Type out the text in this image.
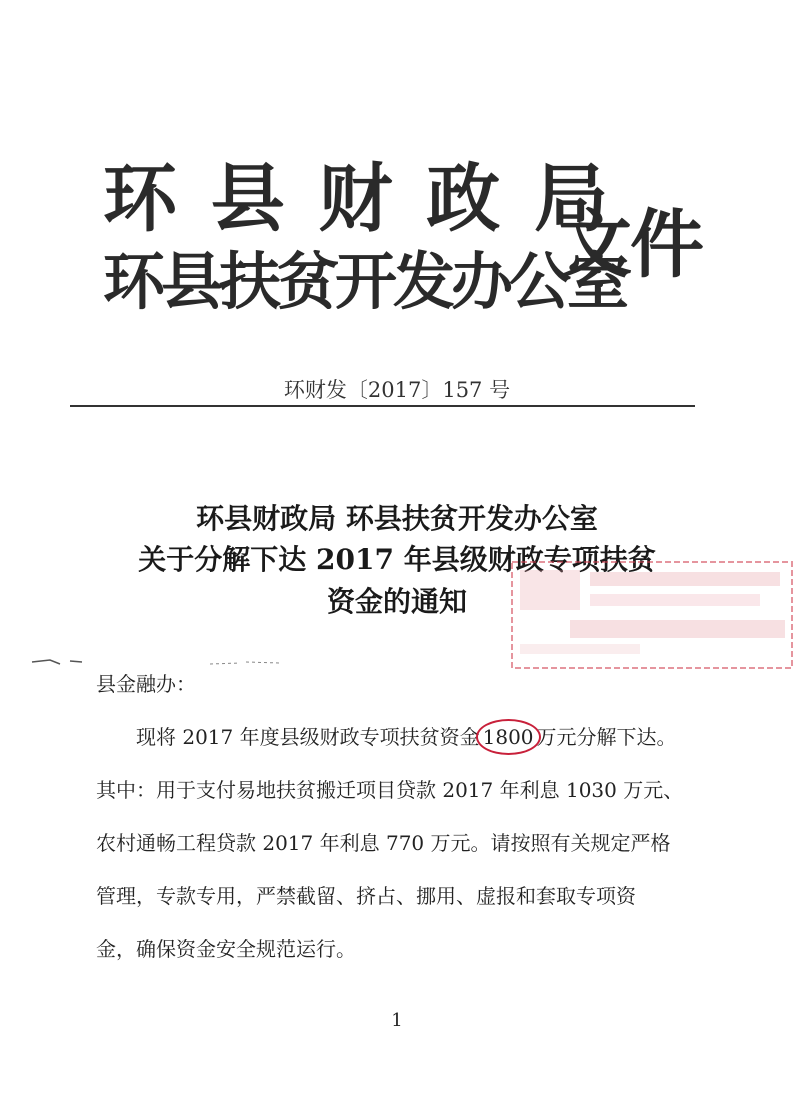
环 县 财 政 局
环县扶贫开发办公室
文件
环财发〔2017〕157 号
环县财政局 环县扶贫开发办公室
关于分解下达 2017 年县级财政专项扶贫
资金的通知
县金融办：
现将 2017 年度县级财政专项扶贫资金 1800 万元分解下达。
其中：用于支付易地扶贫搬迁项目贷款 2017 年利息 1030 万元、
农村通畅工程贷款 2017 年利息 770 万元。请按照有关规定严格
管理，专款专用，严禁截留、挤占、挪用、虚报和套取专项资
金，确保资金安全规范运行。
1
